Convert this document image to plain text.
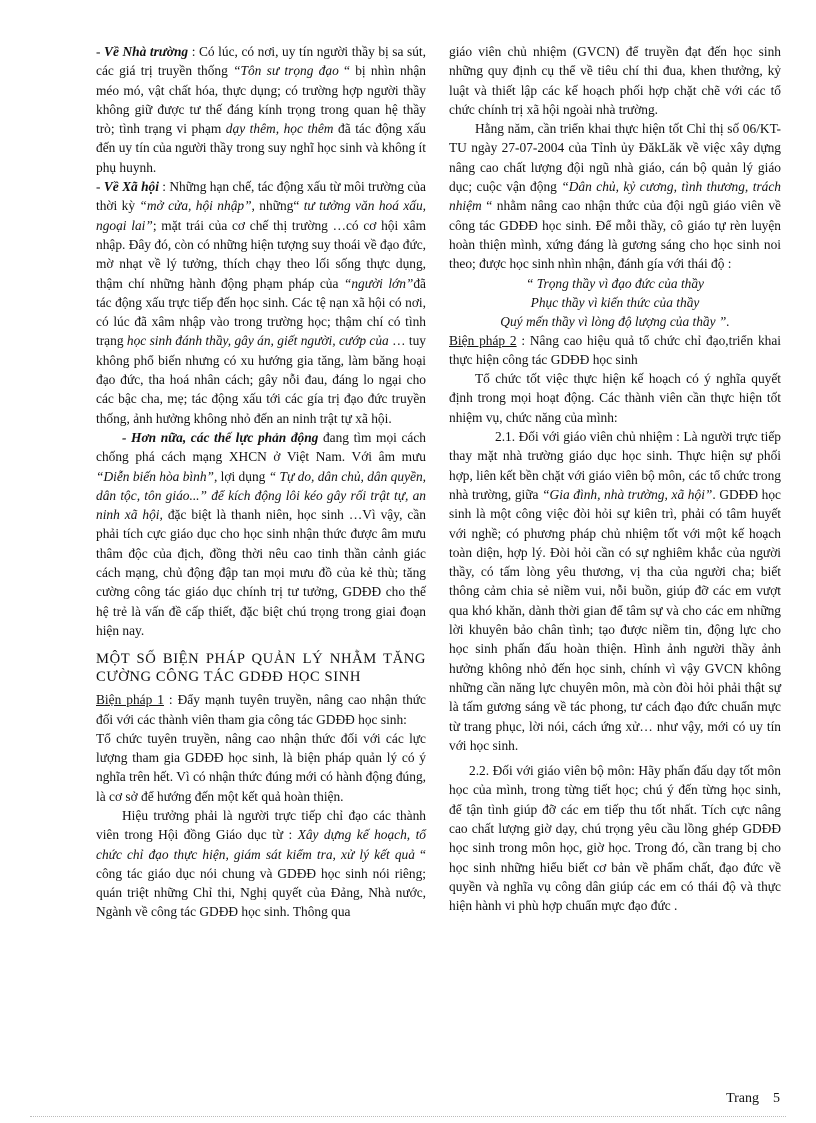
- Về Nhà trường : Có lúc, có nơi, uy tín người thầy bị sa sút, các giá trị truyền thống “Tôn sư trọng đạo “ bị nhìn nhận méo mó, vật chất hóa, thực dụng; có trường hợp người thầy không giữ được tư thế đáng kính trọng trong quan hệ thầy trò; tình trạng vi phạm dạy thêm, học thêm đã tác động xấu đến uy tín của người thầy trong suy nghĩ học sinh và không ít phụ huynh.

- Về Xã hội : Những hạn chế, tác động xấu từ môi trường của thời kỳ “mở cửa, hội nhập”, những“ tư tưởng văn hoá xấu, ngoại lai”; mặt trái của cơ chế thị trường …có cơ hội xâm nhập. Đây đó, còn có những hiện tượng suy thoái về đạo đức, mờ nhạt về lý tưởng, thích chạy theo lối sống thực dụng, thậm chí những hành động phạm pháp của “người lớn”đã tác động xấu trực tiếp đến học sinh. Các tệ nạn xã hội có nơi, có lúc đã xâm nhập vào trong trường học; thậm chí có tình trạng học sinh đánh thầy, gây án, giết người, cướp của … tuy không phổ biến nhưng có xu hướng gia tăng, làm băng hoại đạo đức, tha hoá nhân cách; gây nỗi đau, đáng lo ngại cho các bậc cha, mẹ; tác động xấu tới các gía trị đạo đức truyền thống, ảnh hưởng không nhỏ đến an ninh trật tự xã hội.

- Hơn nữa, các thế lực phản động đang tìm mọi cách chống phá cách mạng XHCN ở Việt Nam. Với âm mưu “Diễn biến hòa bình”, lợi dụng “ Tự do, dân chủ, dân quyền, dân tộc, tôn giáo...” để kích động lôi kéo gây rối trật tự, an ninh xã hội, đặc biệt là thanh niên, học sinh …Vì vậy, cần phải tích cực giáo dục cho học sinh nhận thức được âm mưu thâm độc của địch, đồng thời nêu cao tinh thần cảnh giác cách mạng, chủ động đập tan mọi mưu đồ của kẻ thù; tăng cường công tác giáo dục chính trị tư tưởng, GDĐĐ cho thế hệ trẻ là vấn đề cấp thiết, đặc biệt chú trọng trong giai đoạn hiện nay.

MỘT SỐ BIỆN PHÁP QUẢN LÝ NHẰM TĂNG CƯỜNG CÔNG TÁC GDĐĐ HỌC SINH

Biện pháp 1 : Đẩy mạnh tuyên truyền, nâng cao nhận thức đối với các thành viên tham gia công tác GDĐĐ học sinh:

Tổ chức tuyên truyền, nâng cao nhận thức đối với các lực lượng tham gia GDĐĐ học sinh, là biện pháp quản lý có ý nghĩa trên hết. Vì có nhận thức đúng mới có hành động đúng, là cơ sở để hướng đến một kết quả hoàn thiện.

Hiệu trưởng phải là người trực tiếp chỉ đạo các thành viên trong Hội đồng Giáo dục từ : Xây dựng kế hoạch, tổ chức chỉ đạo thực hiện, giám sát kiểm tra, xử lý kết quả “ công tác giáo dục nói chung và GDĐĐ học sinh nói riêng; quán triệt những Chỉ thi, Nghị quyết của Đảng, Nhà nước, Ngành về công tác GDĐĐ học sinh. Thông qua

giáo viên chủ nhiệm (GVCN) để truyền đạt đến học sinh những quy định cụ thể về tiêu chí thi đua, khen thưởng, kỷ luật và thiết lập các kế hoạch phối hợp chặt chẽ với các tổ chức chính trị xã hội ngoài nhà trường.

Hằng năm, cần triển khai thực hiện tốt Chỉ thị số 06/KT-TU ngày 27-07-2004 của Tỉnh ủy ĐăkLăk về việc xây dựng nâng cao chất lượng đội ngũ nhà giáo, cán bộ quản lý giáo dục; cuộc vận động “Dân chủ, kỷ cương, tình thương, trách nhiệm “ nhằm nâng cao nhận thức của đội ngũ giáo viên về công tác GDĐĐ học sinh. Để mỗi thầy, cô giáo tự rèn luyện hoàn thiện mình, xứng đáng là gương sáng cho học sinh noi theo; được học sinh nhìn nhận, đánh gía với thái độ :

“ Trọng thầy vì đạo đức của thầy
Phục thầy vì kiến thức của thầy
Quý mến thầy vì lòng độ lượng của thầy ”.

Biện pháp 2 : Nâng cao hiệu quả tổ chức chỉ đạo,triển khai thực hiện công tác GDĐĐ học sinh

Tổ chức tốt việc thực hiện kế hoạch có ý nghĩa quyết định trong mọi hoạt động. Các thành viên cần thực hiện tốt nhiệm vụ, chức năng của mình:

2.1. Đối với giáo viên chủ nhiệm : Là người trực tiếp thay mặt nhà trường giáo dục học sinh. Thực hiện sự phối hợp, liên kết bền chặt với giáo viên bộ môn, các tổ chức trong nhà trường, giữa “Gia đình, nhà trường, xã hội”. GDĐĐ học sinh là một công việc đòi hỏi sự kiên trì, phải có tâm huyết với nghề; có phương pháp chủ nhiệm tốt với một kế hoạch toàn diện, hợp lý. Đòi hỏi cần có sự nghiêm khắc của người thầy, có tấm lòng yêu thương, vị tha của người cha; biết thông cảm chia sẻ niềm vui, nỗi buồn, giúp đỡ các em vượt qua khó khăn, dành thời gian để tâm sự và cho các em những lời khuyên bảo chân tình; tạo được niềm tin, động lực cho học sinh phấn đấu hoàn thiện. Hình ảnh người thầy ảnh hưởng không nhỏ đến học sinh, chính vì vậy GVCN không những cần năng lực chuyên môn, mà còn đòi hỏi phải thật sự là tấm gương sáng về tác phong, tư cách đạo đức chuẩn mực từ trang phục, lời nói, cách ứng xử… như vậy, mới có uy tín với học sinh.

2.2. Đối với giáo viên bộ môn: Hãy phấn đấu dạy tốt môn học của mình, trong từng tiết học; chú ý đến từng học sinh, để tận tình giúp đỡ các em tiếp thu tốt nhất. Tích cực nâng cao chất lượng giờ dạy, chú trọng yêu cầu lồng ghép GDĐĐ học sinh trong môn học, giờ học. Trong đó, cần trang bị cho học sinh những hiểu biết cơ bản về phẩm chất, đạo đức về quyền và nghĩa vụ công dân giúp các em có thái độ và thực hiện hành vi phù hợp chuẩn mực đạo đức .

Trang 5
